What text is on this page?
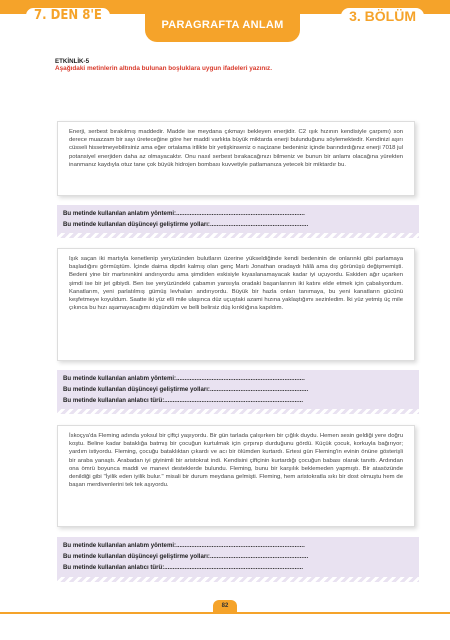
7. DEN 8'E
PARAGRAFTA ANLAM
3. BÖLÜM
ETKİNLİK-5
Aşağıdaki metinlerin altında bulunan boşluklara uygun ifadeleri yazınız.
Enerji, serbest bırakılmış maddedir. Madde ise meydana çıkmayı bekleyen enerjidir. C2 ışık hızının kendisiyle çarpımı) son derece muazzam bir sayı üreteceğine göre her maddi varlıkta büyük miktarda enerji bulunduğunu söylemektedir. Kendinizi aşırı cüsseli hissetmeyebilirsiniz ama eğer ortalama irilikte bir yetişkinseniz o naçizane bedeniniz içinde barındırdığınız enerji 7018 jul potansiyel enerjiden daha az olmayacaktır. Onu nasıl serbest bırakacağınızı bilmeniz ve bunun bir anlamı olacağına yürekten inanmanız kaydıyla otuz tane çok büyük hidrojen bombası kuvvetiyle patlamanıza yetecek bir miktardır bu.
Bu metinde kullanılan anlatım yöntemi:............................................................................
Bu metinde kullanılan düşünceyi geliştirme yolları:..........................................................
Işık saçan iki martıyla kenetlenip yeryüzünden bulutların üzerine yükseldiğinde kendi bedeninin de onlarınki gibi parlamaya başladığını görmüştüm. İçinde daima dipdiri kalmış olan genç Martı Jonathan oradaydı hâlâ ama dış görünüşü değişmemişti. Bedeni yine bir martınınkini andırıyordu ama şimdiden eskisiyle kıyaslanamayacak kadar iyi uçuyordu. Eskiden ağır uçarken şimdi ise bir jet gibiydi. Ben ise yeryüzündeki çabamın yansıyla oradaki başarılarının iki katını elde etmek için çabalıyordum. Kanatlarım, yeni parlatılmış gümüş levhaları andırıyordu. Büyük bir hazla onları tanımaya, bu yeni kanatların gücünü keşfetmeye koyuldum. Saatte iki yüz elli mile ulaşınca düz uçuştaki azami hızına yaklaştığımı sezinledim. İki yüz yetmiş üç mile çıkınca bu hızı aşamayacağımı düşündüm ve belli belirsiz düş kırıklığına kapıldım.
Bu metinde kullanılan anlatım yöntemi:............................................................................
Bu metinde kullanılan düşünceyi geliştirme yolları:..........................................................
Bu metinde kullanılan anlatıcı türü:..................................................................................
İskoçya'da Fleming adında yoksul bir çiftçi yaşıyordu. Bir gün tarlada çalışırken bir çığlık duydu. Hemen sesin geldiği yere doğru koştu. Beline kadar bataklığa batmış bir çocuğun kurtulmak için çırpınıp durduğunu gördü. Küçük çocuk, korkuyla bağırıyor; yardım istiyordu. Fleming, çocuğu bataklıktan çıkardı ve acı bir ölümden kurtardı. Ertesi gün Fleming'in evinin önüne gösterişli bir araba yanaştı. Arabadan iyi giyinimli bir aristokrat indi. Kendisini çiftçinin kurtardığı çocuğun babası olarak tanıttı. Ardından ona ömrü boyunca maddi ve manevi desteklerde bulundu. Fleming, bunu bir karşılık beklemeden yapmıştı. Bir atasözünde denildiği gibi "İyilik eden iyilik bulur." misali bir durum meydana gelmişti. Fleming, hem aristokratla sıkı bir dost olmuştu hem de başarı merdivenlerini tek tek aşıyordu.
Bu metinde kullanılan anlatım yöntemi:............................................................................
Bu metinde kullanılan düşünceyi geliştirme yolları:..........................................................
Bu metinde kullanılan anlatıcı türü:..................................................................................
82
